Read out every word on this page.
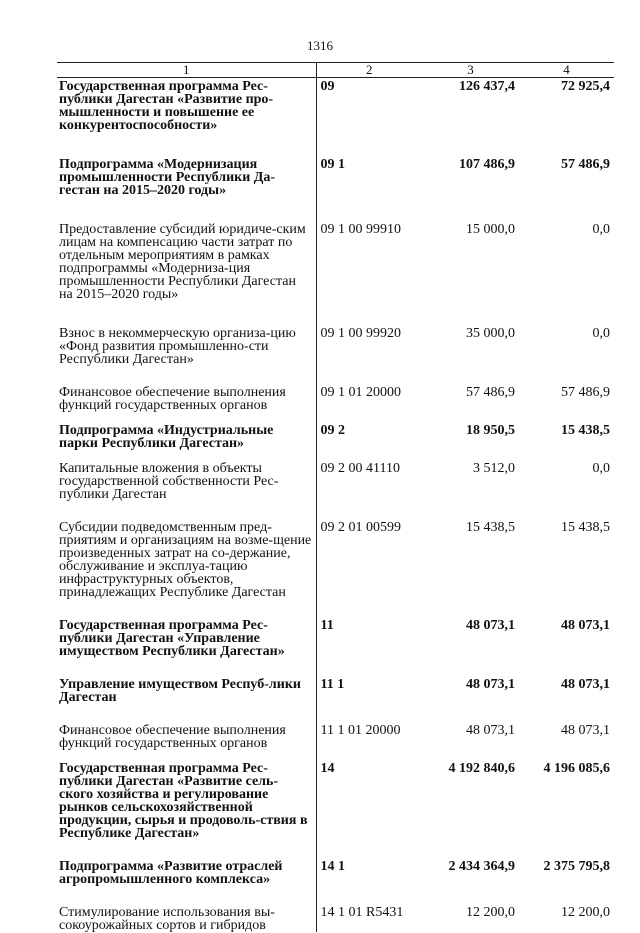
1316
1	2	3	4
Государственная программа Рес-публики Дагестан «Развитие про-мышленности и повышение ее конкурентоспособности»	09	126 437,4	72 925,4
Подпрограмма «Модернизация промышленности Республики Да-гестан на 2015–2020 годы»	09 1	107 486,9	57 486,9
Предоставление субсидий юридиче-ским лицам на компенсацию части затрат по отдельным мероприятиям в рамках подпрограммы «Модерниза-ция промышленности Республики Дагестан на 2015–2020 годы»	09 1 00 99910	15 000,0	0,0
Взнос в некоммерческую организа-цию «Фонд развития промышленно-сти Республики Дагестан»	09 1 00 99920	35 000,0	0,0
Финансовое обеспечение выполнения функций государственных органов	09 1 01 20000	57 486,9	57 486,9
Подпрограмма «Индустриальные парки Республики Дагестан»	09 2	18 950,5	15 438,5
Капитальные вложения в объекты государственной собственности Рес-публики Дагестан	09 2 00 41110	3 512,0	0,0
Субсидии подведомственным пред-приятиям и организациям на возме-щение произведенных затрат на со-держание, обслуживание и эксплуа-тацию инфраструктурных объектов, принадлежащих Республике Дагестан	09 2 01 00599	15 438,5	15 438,5
Государственная программа Рес-публики Дагестан «Управление имуществом Республики Дагестан»	11	48 073,1	48 073,1
Управление имуществом Респуб-лики Дагестан	11 1	48 073,1	48 073,1
Финансовое обеспечение выполнения функций государственных органов	11 1 01 20000	48 073,1	48 073,1
Государственная программа Рес-публики Дагестан «Развитие сель-ского хозяйства и регулирование рынков сельскохозяйственной продукции, сырья и продоволь-ствия в Республике Дагестан»	14	4 192 840,6	4 196 085,6
Подпрограмма «Развитие отраслей агропромышленного комплекса»	14 1	2 434 364,9	2 375 795,8
Стимулирование использования вы-сокоурожайных сортов и гибридов	14 1 01 R5431	12 200,0	12 200,0
